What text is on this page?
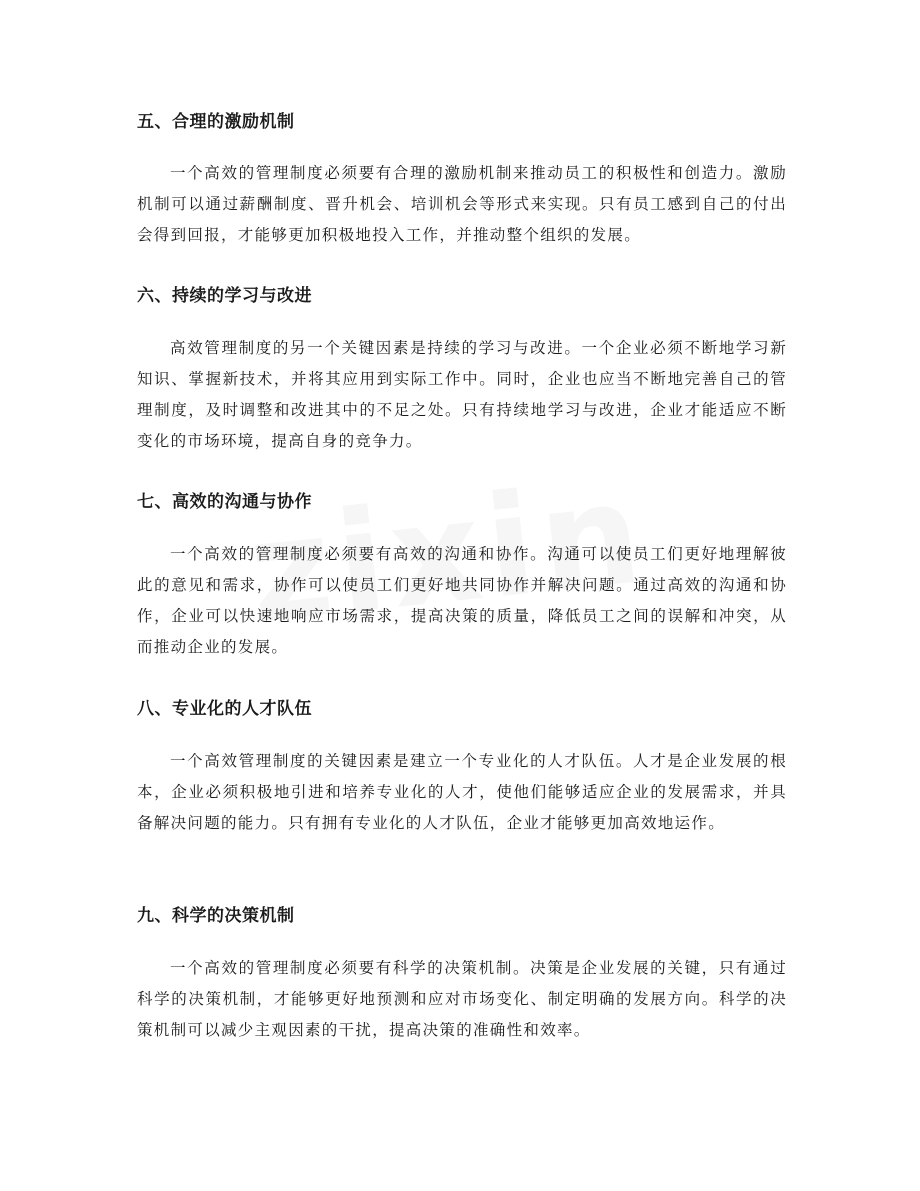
五、合理的激励机制

一个高效的管理制度必须要有合理的激励机制来推动员工的积极性和创造力。激励机制可以通过薪酬制度、晋升机会、培训机会等形式来实现。只有员工感到自己的付出会得到回报，才能够更加积极地投入工作，并推动整个组织的发展。

六、持续的学习与改进

高效管理制度的另一个关键因素是持续的学习与改进。一个企业必须不断地学习新知识、掌握新技术，并将其应用到实际工作中。同时，企业也应当不断地完善自己的管理制度，及时调整和改进其中的不足之处。只有持续地学习与改进，企业才能适应不断变化的市场环境，提高自身的竞争力。

七、高效的沟通与协作

一个高效的管理制度必须要有高效的沟通和协作。沟通可以使员工们更好地理解彼此的意见和需求，协作可以使员工们更好地共同协作并解决问题。通过高效的沟通和协作，企业可以快速地响应市场需求，提高决策的质量，降低员工之间的误解和冲突，从而推动企业的发展。

八、专业化的人才队伍

一个高效管理制度的关键因素是建立一个专业化的人才队伍。人才是企业发展的根本，企业必须积极地引进和培养专业化的人才，使他们能够适应企业的发展需求，并具备解决问题的能力。只有拥有专业化的人才队伍，企业才能够更加高效地运作。

九、科学的决策机制

一个高效的管理制度必须要有科学的决策机制。决策是企业发展的关键，只有通过科学的决策机制，才能够更好地预测和应对市场变化、制定明确的发展方向。科学的决策机制可以减少主观因素的干扰，提高决策的准确性和效率。
